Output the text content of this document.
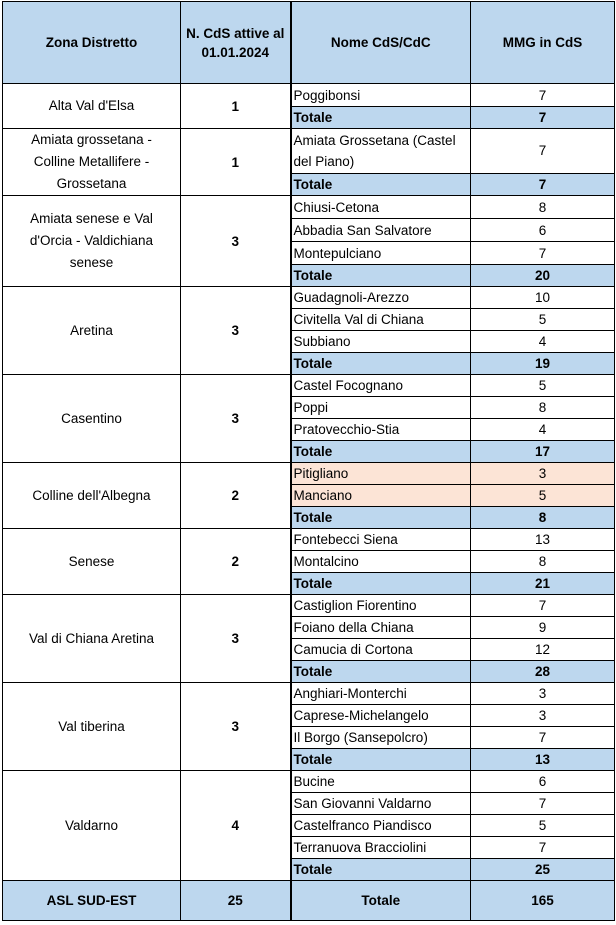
Zona Distretto	N. CdS attive al 01.01.2024	Nome CdS/CdC	MMG in CdS
Alta Val d'Elsa	1	Poggibonsi	7
		Totale	7
Amiata grossetana - Colline Metallifere - Grossetana	1	Amiata Grossetana (Castel del Piano)	7
		Totale	7
Amiata senese e Val d'Orcia - Valdichiana senese	3	Chiusi-Cetona	8
		Abbadia San Salvatore	6
		Montepulciano	7
		Totale	20
Aretina	3	Guadagnoli-Arezzo	10
		Civitella Val di Chiana	5
		Subbiano	4
		Totale	19
Casentino	3	Castel Focognano	5
		Poppi	8
		Pratovecchio-Stia	4
		Totale	17
Colline dell'Albegna	2	Pitigliano	3
		Manciano	5
		Totale	8
Senese	2	Fontebecci Siena	13
		Montalcino	8
		Totale	21
Val di Chiana Aretina	3	Castiglion Fiorentino	7
		Foiano della Chiana	9
		Camucia di Cortona	12
		Totale	28
Val tiberina	3	Anghiari-Monterchi	3
		Caprese-Michelangelo	3
		Il Borgo (Sansepolcro)	7
		Totale	13
Valdarno	4	Bucine	6
		San Giovanni Valdarno	7
		Castelfranco Piandisco	5
		Terranuova Bracciolini	7
		Totale	25
ASL SUD-EST	25	Totale	165
